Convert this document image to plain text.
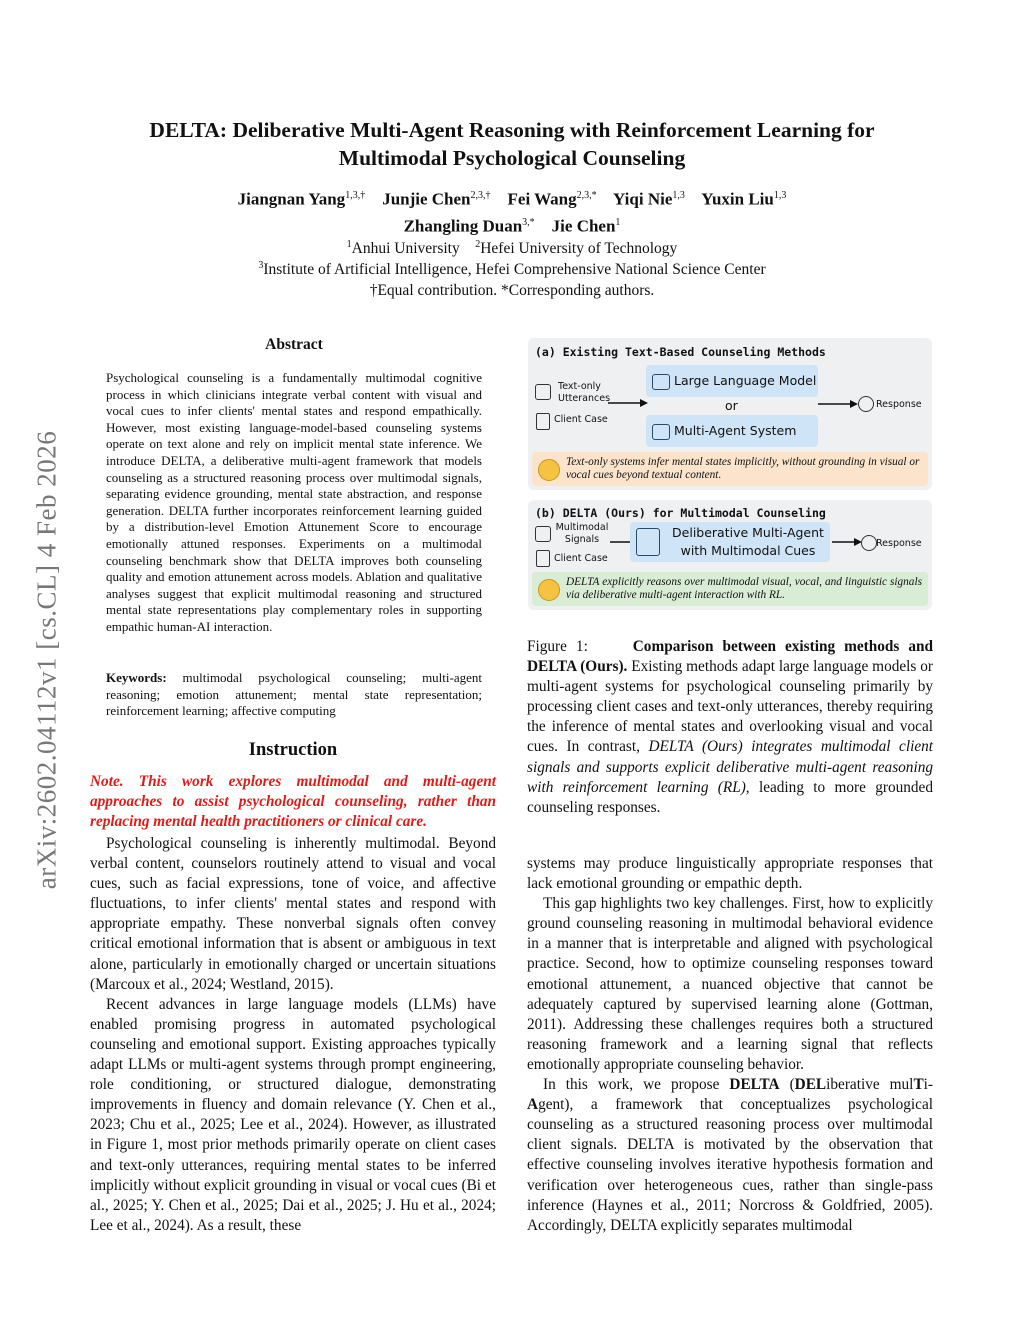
arXiv:2602.04112v1 [cs.CL] 4 Feb 2026
DELTA: Deliberative Multi-Agent Reasoning with Reinforcement Learning for
Multimodal Psychological Counseling
Jiangnan Yang$^{1,3,\dagger}$ Junjie Chen$^{2,3,\dagger}$ Fei Wang$^{2,3,*}$ Yiqi Nie$^{1,3}$ Yuxin Liu$^{1,3}$
Zhangling Duan$^{3,*}$ Jie Chen$^1$
$^1$Anhui University $^2$Hefei University of Technology
$^3$Institute of Artificial Intelligence, Hefei Comprehensive National Science Center
†Equal contribution. *Corresponding authors.
Abstract
Psychological counseling is a fundamentally multimodal cognitive process in which clinicians integrate verbal content with visual and vocal cues to infer clients' mental states and respond empathically. However, most existing language-model-based counseling systems operate on text alone and rely on implicit mental state inference. We introduce DELTA, a deliberative multi-agent framework that models counseling as a structured reasoning process over multimodal signals, separating evidence grounding, mental state abstraction, and response generation. DELTA further incorporates reinforcement learning guided by a distribution-level Emotion Attunement Score to encourage emotionally attuned responses. Experiments on a multimodal counseling benchmark show that DELTA improves both counseling quality and emotion attunement across models. Ablation and qualitative analyses suggest that explicit multimodal reasoning and structured mental state representations play complementary roles in supporting empathic human-AI interaction.
Keywords: multimodal psychological counseling; multi-agent reasoning; emotion attunement; mental state representation; reinforcement learning; affective computing
Instruction
Note. This work explores multimodal and multi-agent approaches to assist psychological counseling, rather than replacing mental health practitioners or clinical care.

Psychological counseling is inherently multimodal. Beyond verbal content, counselors routinely attend to visual and vocal cues, such as facial expressions, tone of voice, and affective fluctuations, to infer clients' mental states and respond with appropriate empathy. These nonverbal signals often convey critical emotional information that is absent or ambiguous in text alone, particularly in emotionally charged or uncertain situations (Marcoux et al., 2024; Westland, 2015).

Recent advances in large language models (LLMs) have enabled promising progress in automated psychological counseling and emotional support. Existing approaches typically adapt LLMs or multi-agent systems through prompt engineering, role conditioning, or structured dialogue, demonstrating improvements in fluency and domain relevance (Y. Chen et al., 2023; Chu et al., 2025; Lee et al., 2024). However, as illustrated in Figure 1, most prior methods primarily operate on client cases and text-only utterances, requiring mental states to be inferred implicitly without explicit grounding in visual or vocal cues (Bi et al., 2025; Y. Chen et al., 2025; Dai et al., 2025; J. Hu et al., 2024; Lee et al., 2024). As a result, these

(a) Existing Text-Based Counseling Methods
Text-only Utterances
Client Case
Large Language Model
or
Multi-Agent System
Response
Text-only systems infer mental states implicitly, without grounding in visual or vocal cues beyond textual content.
(b) DELTA (Ours) for Multimodal Counseling
Multimodal Signals
Client Case
Deliberative Multi-Agent
with Multimodal Cues	Response
DELTA explicitly reasons over multimodal visual, vocal, and linguistic signals via deliberative multi-agent interaction with RL.
Figure 1:	Comparison between existing methods and DELTA (Ours). Existing methods adapt large language models or multi-agent systems for psychological counseling primarily by processing client cases and text-only utterances, thereby requiring the inference of mental states and overlooking visual and vocal cues. In contrast, DELTA (Ours) integrates multimodal client signals and supports explicit deliberative multi-agent reasoning with reinforcement learning (RL), leading to more grounded counseling responses.

systems may produce linguistically appropriate responses that lack emotional grounding or empathic depth.

This gap highlights two key challenges. First, how to explicitly ground counseling reasoning in multimodal behavioral evidence in a manner that is interpretable and aligned with psychological practice. Second, how to optimize counseling responses toward emotional attunement, a nuanced objective that cannot be adequately captured by supervised learning alone (Gottman, 2011). Addressing these challenges requires both a structured reasoning framework and a learning signal that reflects emotionally appropriate counseling behavior.

In this work, we propose DELTA (DELiberative mulTi-Agent), a framework that conceptualizes psychological counseling as a structured reasoning process over multimodal client signals. DELTA is motivated by the observation that effective counseling involves iterative hypothesis formation and verification over heterogeneous cues, rather than single-pass inference (Haynes et al., 2011; Norcross & Goldfried, 2005). Accordingly, DELTA explicitly separates multimodal
